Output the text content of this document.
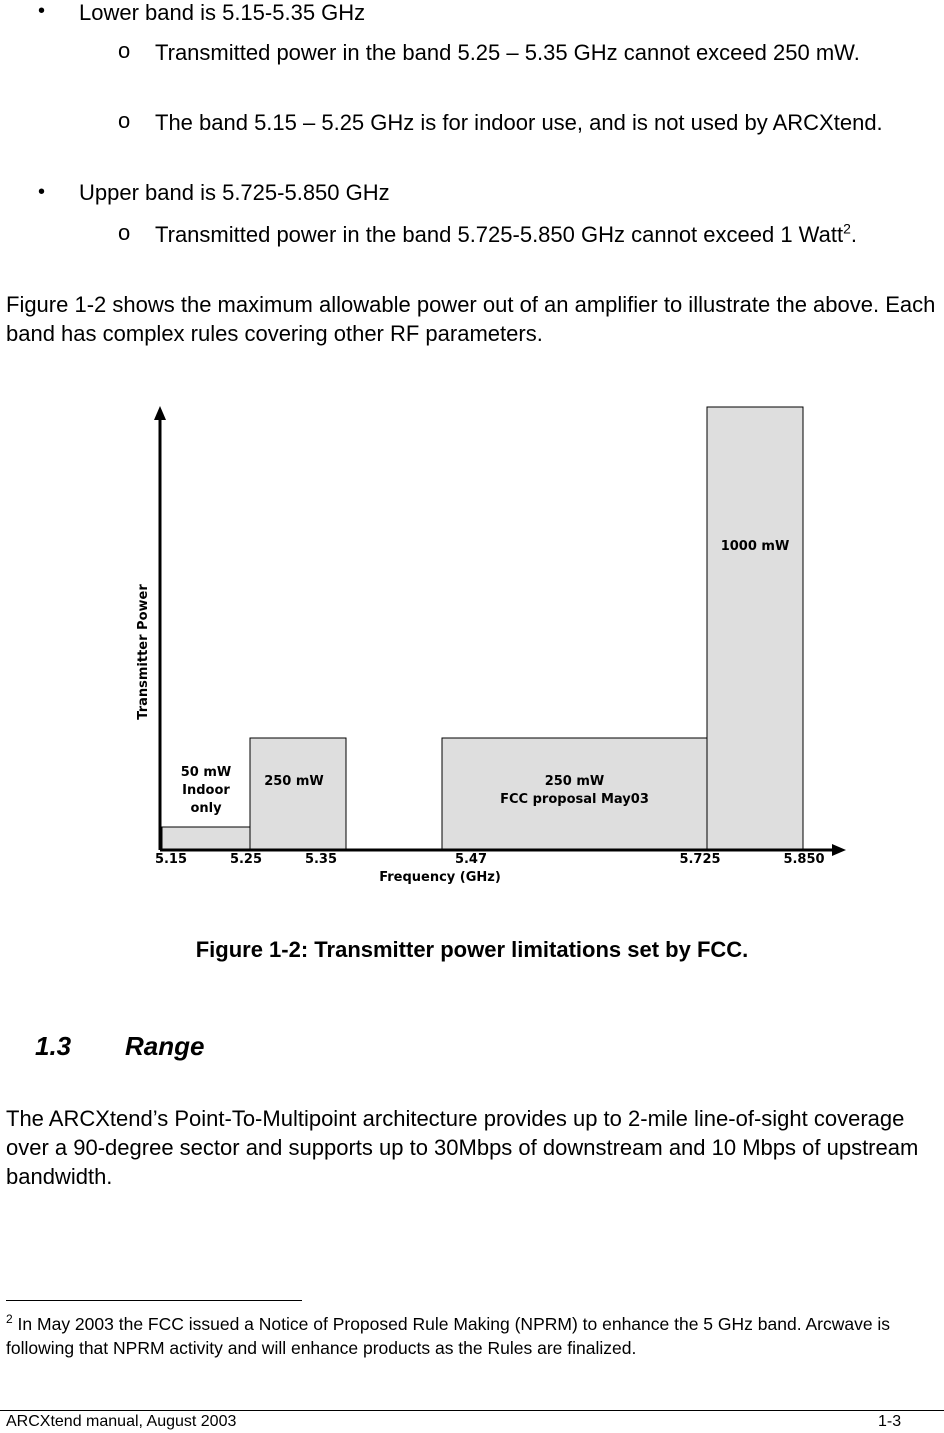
• Lower band is 5.15-5.35 GHz
o Transmitted power in the band 5.25 – 5.35 GHz cannot exceed 250 mW.
o The band 5.15 – 5.25 GHz is for indoor use, and is not used by ARCXtend.
• Upper band is 5.725-5.850 GHz
o Transmitted power in the band 5.725-5.850 GHz cannot exceed 1 Watt$^2$.
Figure 1-2 shows the maximum allowable power out of an amplifier to illustrate the above. Each band has complex rules covering other RF parameters.
50 mW
Indoor
only
250 mW	250 mW
FCC proposal May03
1000 mW
5.15	5.25	5.35	5.47	5.725	5.850
Transmitter Power
Frequency (GHz)
Figure 1-2: Transmitter power limitations set by FCC.
1.3 Range
The ARCXtend’s Point-To-Multipoint architecture provides up to 2-mile line-of-sight coverage over a 90-degree sector and supports up to 30Mbps of downstream and 10 Mbps of upstream bandwidth.
$^2$ In May 2003 the FCC issued a Notice of Proposed Rule Making (NPRM) to enhance the 5 GHz band. Arcwave is following that NPRM activity and will enhance products as the Rules are finalized.
ARCXtend manual, August 2003	1-3
